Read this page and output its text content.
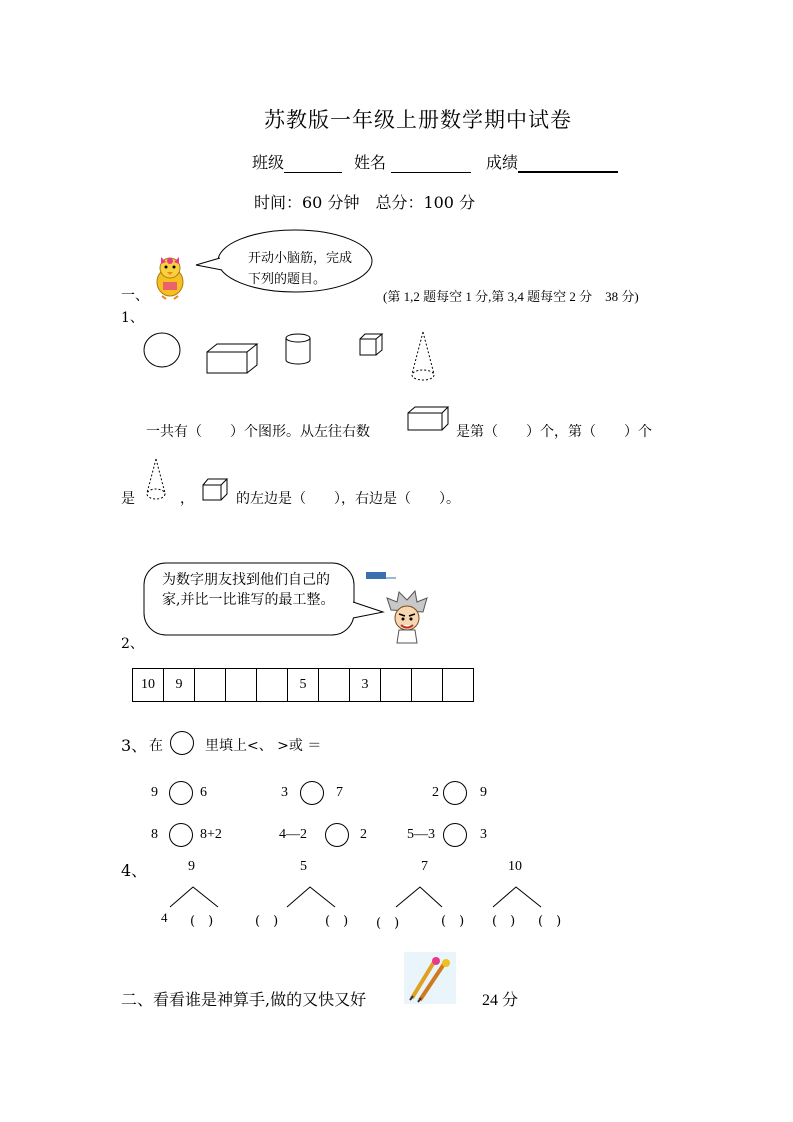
苏教版一年级上册数学期中试卷
班级	姓名	成绩
时间：60 分钟　总分：100 分
开动小脑筋，完成下列的题目。
一、	(第 1,2 题每空 1 分,第 3,4 题每空 2 分　38 分)
1、
一共有（　　）个图形。从左往右数	是第（　　）个，第（　　）个
是	，	的左边是（　　），右边是（　　）。
为数字朋友找到他们自己的家,并比一比谁写的最工整。
2、
10	9				5		3			
3、 在	里填上<、 >或 ＝
9	6	3	7	2	9
8	8+2	4—2	2	5—3	3
4、	9	5	7	10
4 (　)	(　)	(　) (　)	(　) (　) (　)
二、看看谁是神算手,做的又快又好	24 分
